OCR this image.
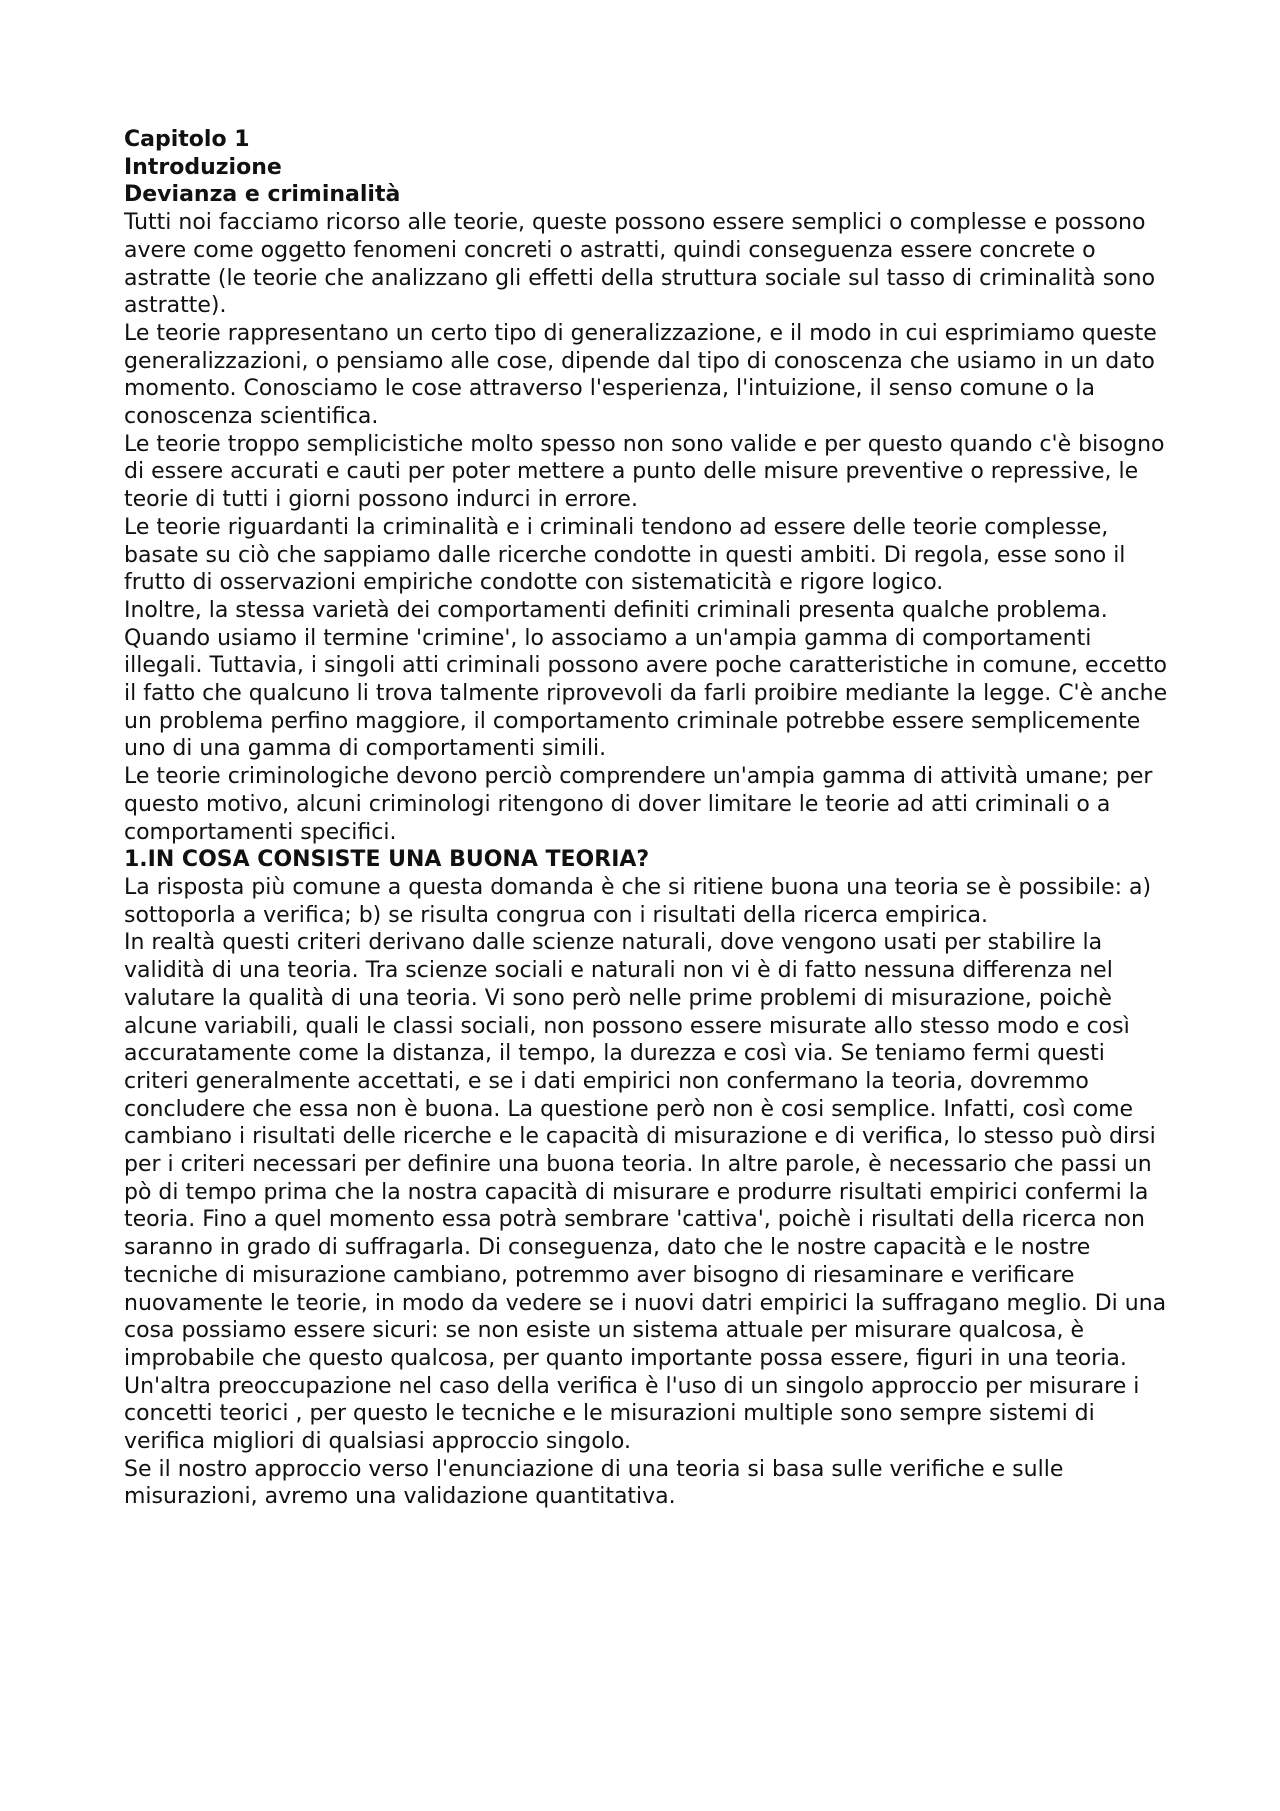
Capitolo 1

Introduzione

Devianza e criminalità

Tutti noi facciamo ricorso alle teorie, queste possono essere semplici o complesse e possono avere come oggetto fenomeni concreti o astratti, quindi conseguenza essere concrete o astratte (le teorie che analizzano gli effetti della struttura sociale sul tasso di criminalità sono astratte).

Le teorie rappresentano un certo tipo di generalizzazione, e il modo in cui esprimiamo queste generalizzazioni, o pensiamo alle cose, dipende dal tipo di conoscenza che usiamo in un dato momento. Conosciamo le cose attraverso l'esperienza, l'intuizione, il senso comune o la conoscenza scientifica.

Le teorie troppo semplicistiche molto spesso non sono valide e per questo quando c'è bisogno di essere accurati e cauti per poter mettere a punto delle misure preventive o repressive, le teorie di tutti i giorni possono indurci in errore.

Le teorie riguardanti la criminalità e i criminali tendono ad essere delle teorie complesse, basate su ciò che sappiamo dalle ricerche condotte in questi ambiti. Di regola, esse sono il frutto di osservazioni empiriche condotte con sistematicità e rigore logico.

Inoltre, la stessa varietà dei comportamenti definiti criminali presenta qualche problema. Quando usiamo il termine 'crimine', lo associamo a un'ampia gamma di comportamenti illegali. Tuttavia, i singoli atti criminali possono avere poche caratteristiche in comune, eccetto il fatto che qualcuno li trova talmente riprovevoli da farli proibire mediante la legge. C'è anche un problema perfino maggiore, il comportamento criminale potrebbe essere semplicemente uno di una gamma di comportamenti simili.

Le teorie criminologiche devono perciò comprendere un'ampia gamma di attività umane; per questo motivo, alcuni criminologi ritengono di dover limitare le teorie ad atti criminali o a comportamenti specifici.

1.IN COSA CONSISTE UNA BUONA TEORIA?

La risposta più comune a questa domanda è che si ritiene buona una teoria se è possibile: a) sottoporla a verifica; b) se risulta congrua con i risultati della ricerca empirica.

In realtà questi criteri derivano dalle scienze naturali, dove vengono usati per stabilire la validità di una teoria. Tra scienze sociali e naturali non vi è di fatto nessuna differenza nel valutare la qualità di una teoria. Vi sono però nelle prime problemi di misurazione, poichè alcune variabili, quali le classi sociali, non possono essere misurate allo stesso modo e così accuratamente come la distanza, il tempo, la durezza e così via. Se teniamo fermi questi criteri generalmente accettati, e se i dati empirici non confermano la teoria, dovremmo concludere che essa non è buona. La questione però non è cosi semplice. Infatti, così come cambiano i risultati delle ricerche e le capacità di misurazione e di verifica, lo stesso può dirsi per i criteri necessari per definire una buona teoria. In altre parole, è necessario che passi un pò di tempo prima che la nostra capacità di misurare e produrre risultati empirici confermi la teoria. Fino a quel momento essa potrà sembrare 'cattiva', poichè i risultati della ricerca non saranno in grado di suffragarla. Di conseguenza, dato che le nostre capacità e le nostre tecniche di misurazione cambiano, potremmo aver bisogno di riesaminare e verificare nuovamente le teorie, in modo da vedere se i nuovi datri empirici la suffragano meglio. Di una cosa possiamo essere sicuri: se non esiste un sistema attuale per misurare qualcosa, è improbabile che questo qualcosa, per quanto importante possa essere, figuri in una teoria.

Un'altra preoccupazione nel caso della verifica è l'uso di un singolo approccio per misurare i concetti teorici , per questo le tecniche e le misurazioni multiple sono sempre sistemi di verifica migliori di qualsiasi approccio singolo.

Se il nostro approccio verso l'enunciazione di una teoria si basa sulle verifiche e sulle misurazioni, avremo una validazione quantitativa.
